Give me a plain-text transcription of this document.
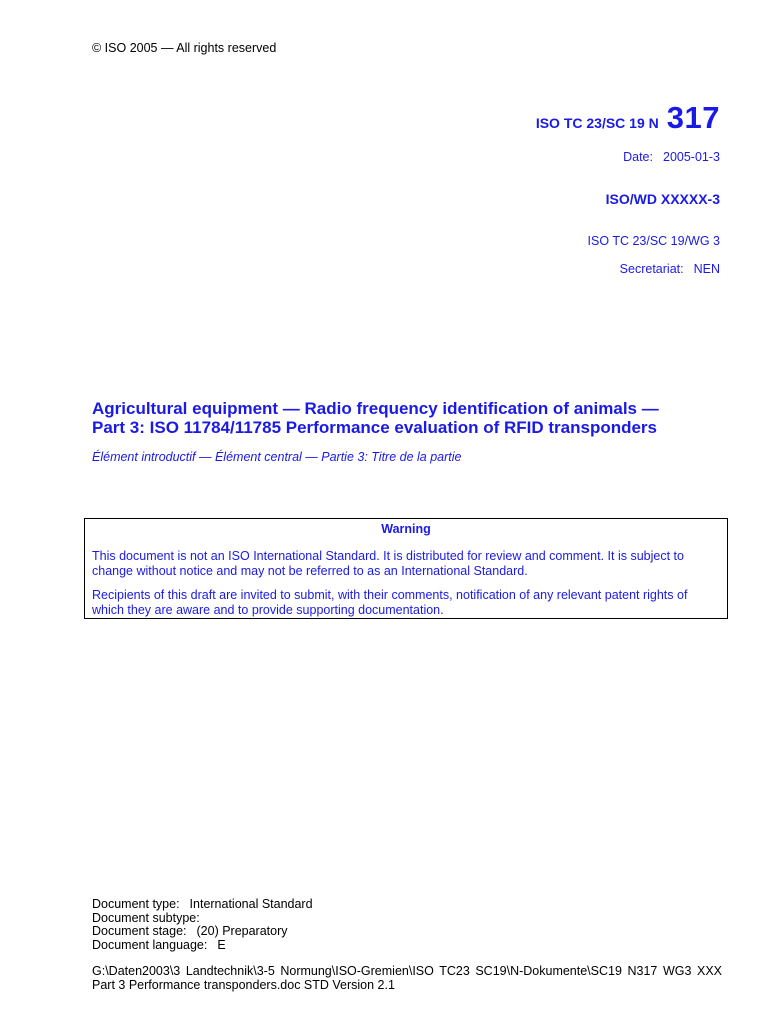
© ISO 2005 — All rights reserved
ISO TC 23/SC 19 N 317
Date: 2005-01-3
ISO/WD XXXXX-3
ISO TC 23/SC 19/WG 3
Secretariat: NEN
Agricultural equipment — Radio frequency identification of animals —
Part 3: ISO 11784/11785 Performance evaluation of RFID transponders
Élément introductif — Élément central — Partie 3: Titre de la partie
Warning

This document is not an ISO International Standard. It is distributed for review and comment. It is subject to change without notice and may not be referred to as an International Standard.

Recipients of this draft are invited to submit, with their comments, notification of any relevant patent rights of which they are aware and to provide supporting documentation.

Document type: International Standard
Document subtype:
Document stage: (20) Preparatory
Document language: E
G:\Daten2003\3 Landtechnik\3-5 Normung\ISO-Gremien\ISO TC23 SC19\N-Dokumente\SC19 N317 WG3 XXX Part 3 Performance transponders.doc STD Version 2.1
